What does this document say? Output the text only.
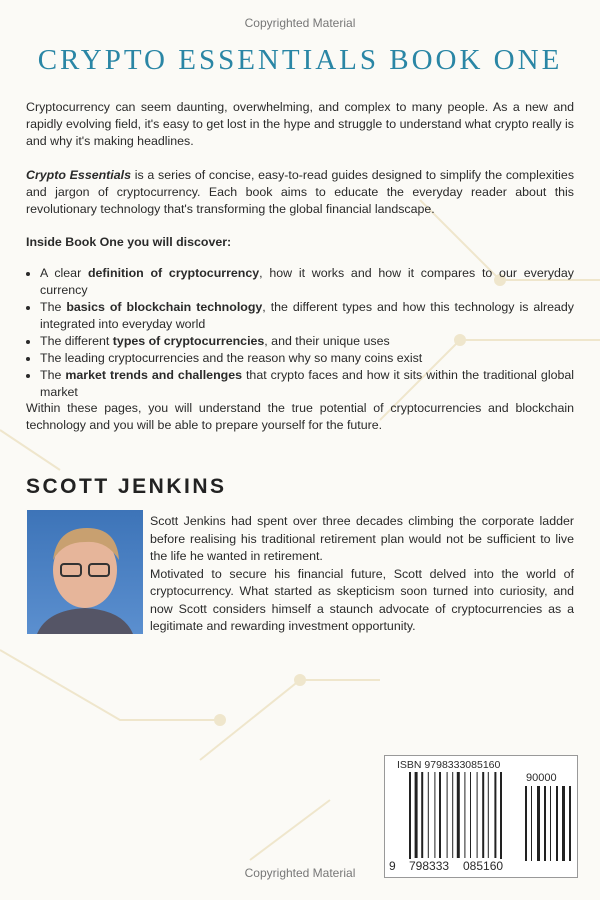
Copyrighted Material
CRYPTO ESSENTIALS BOOK ONE
Cryptocurrency can seem daunting, overwhelming, and complex to many people. As a new and rapidly evolving field, it's easy to get lost in the hype and struggle to understand what crypto really is and why it's making headlines.
Crypto Essentials is a series of concise, easy-to-read guides designed to simplify the complexities and jargon of cryptocurrency. Each book aims to educate the everyday reader about this revolutionary technology that's transforming the global financial landscape.
Inside Book One you will discover:
• A clear definition of cryptocurrency, how it works and how it compares to our everyday currency
• The basics of blockchain technology, the different types and how this technology is already integrated into everyday world
• The different types of cryptocurrencies, and their unique uses
• The leading cryptocurrencies and the reason why so many coins exist
• The market trends and challenges that crypto faces and how it sits within the traditional global market
Within these pages, you will understand the true potential of cryptocurrencies and blockchain technology and you will be able to prepare yourself for the future.
SCOTT JENKINS
Scott Jenkins had spent over three decades climbing the corporate ladder before realising his traditional retirement plan would not be sufficient to live the life he wanted in retirement.
Motivated to secure his financial future, Scott delved into the world of cryptocurrency. What started as skepticism soon turned into curiosity, and now Scott considers himself a staunch advocate of cryptocurrencies as a legitimate and rewarding investment opportunity.
ISBN 9798333085160
90000
9 798333 085160
Copyrighted Material
